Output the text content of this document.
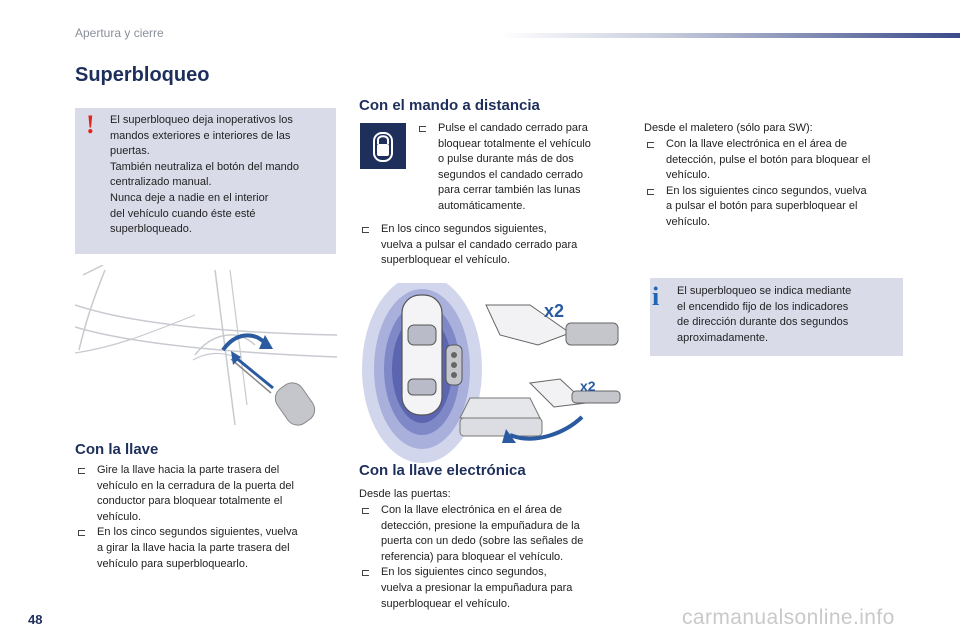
Apertura y cierre
Superbloqueo
! El superbloqueo deja inoperativos los
mandos exteriores e interiores de las
puertas.
También neutraliza el botón del mando
centralizado manual.
Nunca deje a nadie en el interior
del vehículo cuando éste esté
superbloqueado.
Con la llave
Gire la llave hacia la parte trasera del
vehículo en la cerradura de la puerta del
conductor para bloquear totalmente el
vehículo.
En los cinco segundos siguientes, vuelva
a girar la llave hacia la parte trasera del
vehículo para superbloquearlo.
Con el mando a distancia
Pulse el candado cerrado para
bloquear totalmente el vehículo
o pulse durante más de dos
segundos el candado cerrado
para cerrar también las lunas
automáticamente.
En los cinco segundos siguientes,
vuelva a pulsar el candado cerrado para
superbloquear el vehículo.
x2
x2
Con la llave electrónica
Desde las puertas:
Con la llave electrónica en el área de
detección, presione la empuñadura de la
puerta con un dedo (sobre las señales de
referencia) para bloquear el vehículo.
En los siguientes cinco segundos,
vuelva a presionar la empuñadura para
superbloquear el vehículo.
Desde el maletero (sólo para SW):
Con la llave electrónica en el área de
detección, pulse el botón para bloquear el
vehículo.
En los siguientes cinco segundos, vuelva
a pulsar el botón para superbloquear el
vehículo.
i El superbloqueo se indica mediante
el encendido fijo de los indicadores
de dirección durante dos segundos
aproximadamente.
48	carmanualsonline.info
